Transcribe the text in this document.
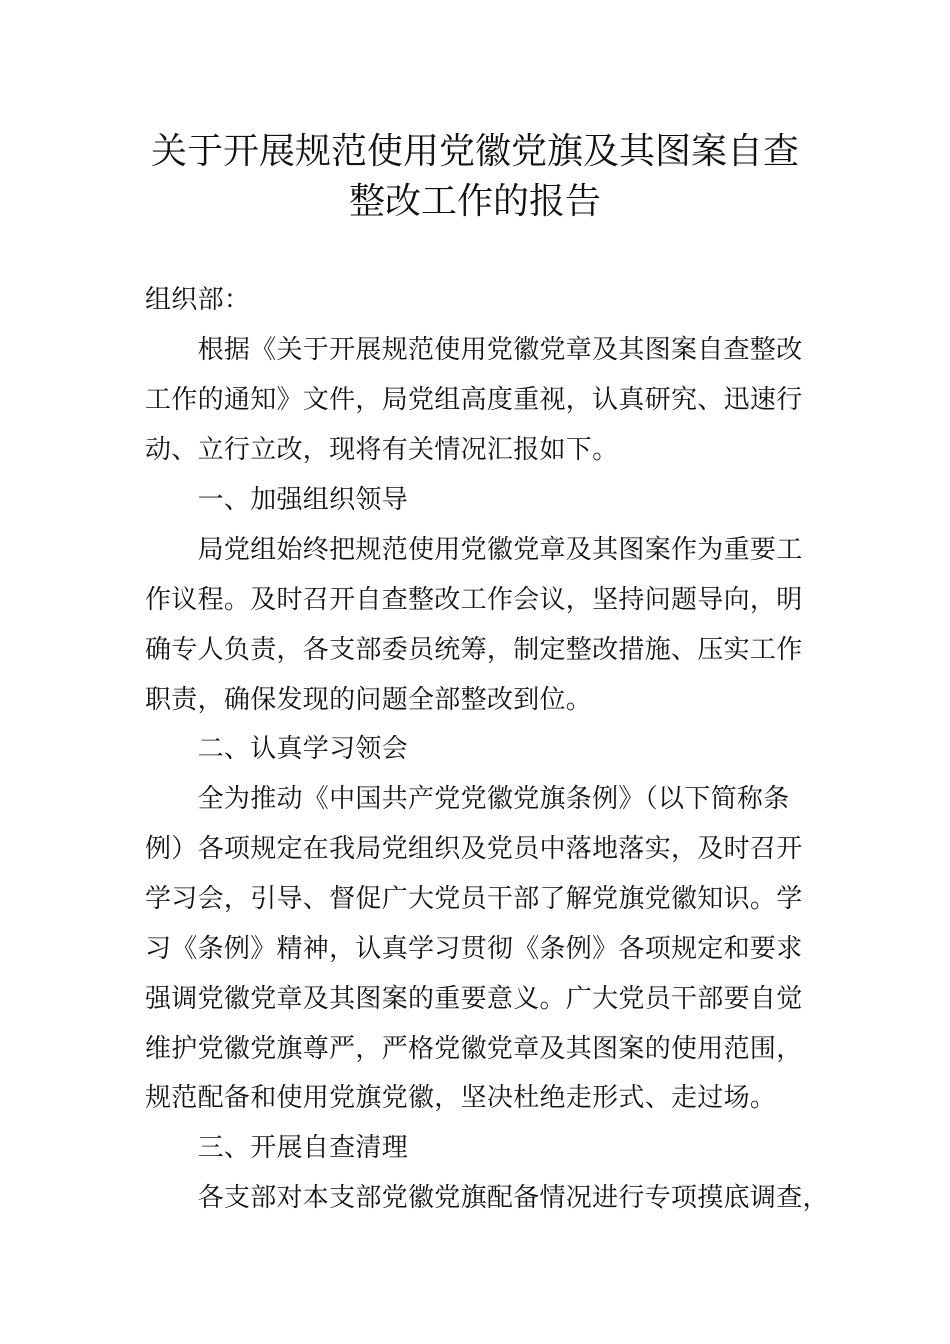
关于开展规范使用党徽党旗及其图案自查
整改工作的报告
组织部：
　　根据《关于开展规范使用党徽党章及其图案自查整改
工作的通知》文件，局党组高度重视，认真研究、迅速行
动、立行立改，现将有关情况汇报如下。
　　一、加强组织领导
　　局党组始终把规范使用党徽党章及其图案作为重要工
作议程。及时召开自查整改工作会议，坚持问题导向，明
确专人负责，各支部委员统筹，制定整改措施、压实工作
职责，确保发现的问题全部整改到位。
　　二、认真学习领会
　　全为推动《中国共产党党徽党旗条例》（以下简称条
例）各项规定在我局党组织及党员中落地落实，及时召开
学习会，引导、督促广大党员干部了解党旗党徽知识。学
习《条例》精神，认真学习贯彻《条例》各项规定和要求
强调党徽党章及其图案的重要意义。广大党员干部要自觉
维护党徽党旗尊严，严格党徽党章及其图案的使用范围，
规范配备和使用党旗党徽，坚决杜绝走形式、走过场。
　　三、开展自查清理
　　各支部对本支部党徽党旗配备情况进行专项摸底调查，
